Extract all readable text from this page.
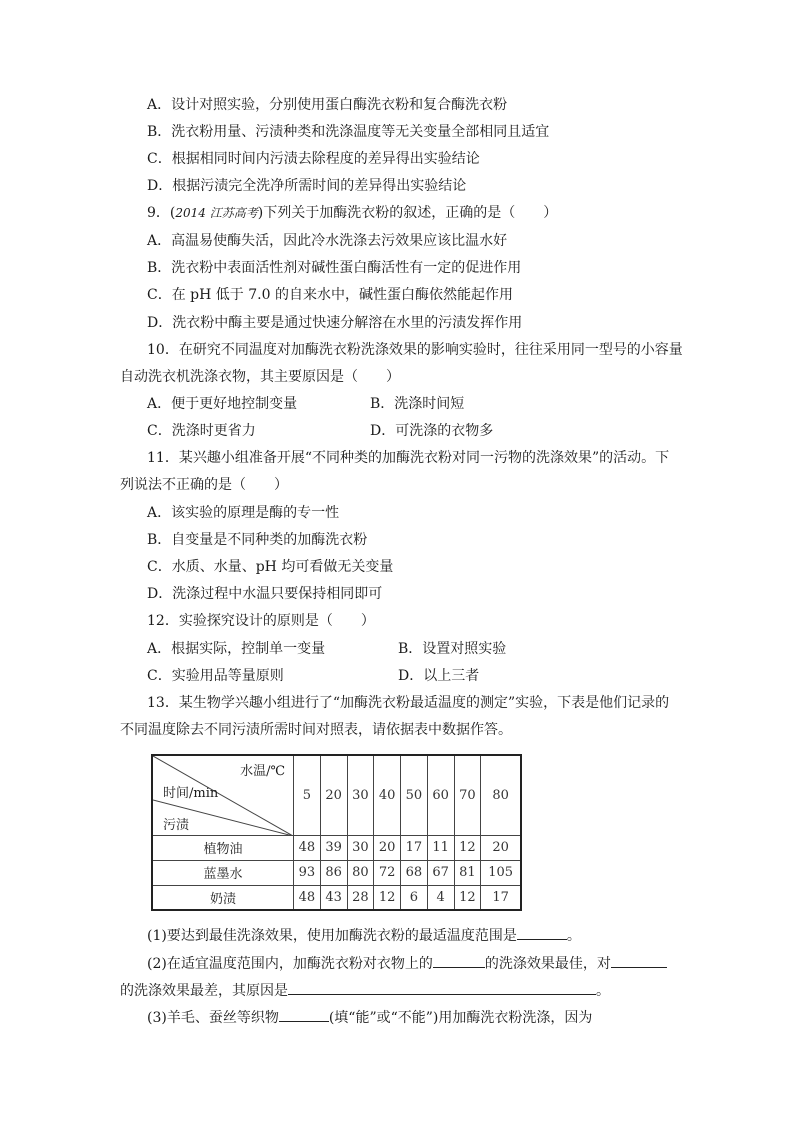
A．设计对照实验，分别使用蛋白酶洗衣粉和复合酶洗衣粉
B．洗衣粉用量、污渍种类和洗涤温度等无关变量全部相同且适宜
C．根据相同时间内污渍去除程度的差异得出实验结论
D．根据污渍完全洗净所需时间的差异得出实验结论
9．(2014 江苏高考)下列关于加酶洗衣粉的叙述，正确的是（　　）
A．高温易使酶失活，因此冷水洗涤去污效果应该比温水好
B．洗衣粉中表面活性剂对碱性蛋白酶活性有一定的促进作用
C．在 pH 低于 7.0 的自来水中，碱性蛋白酶依然能起作用
D．洗衣粉中酶主要是通过快速分解溶在水里的污渍发挥作用
10．在研究不同温度对加酶洗衣粉洗涤效果的影响实验时，往往采用同一型号的小容量
自动洗衣机洗涤衣物，其主要原因是（　　）
A．便于更好地控制变量	B．洗涤时间短
C．洗涤时更省力	D．可洗涤的衣物多
11．某兴趣小组准备开展“不同种类的加酶洗衣粉对同一污物的洗涤效果”的活动。下
列说法不正确的是（　　）
A．该实验的原理是酶的专一性
B．自变量是不同种类的加酶洗衣粉
C．水质、水量、pH 均可看做无关变量
D．洗涤过程中水温只要保持相同即可
12．实验探究设计的原则是（　　）
A．根据实际，控制单一变量	B．设置对照实验
C．实验用品等量原则	D．以上三者
13．某生物学兴趣小组进行了“加酶洗衣粉最适温度的测定”实验，下表是他们记录的
不同温度除去不同污渍所需时间对照表，请依据表中数据作答。
水温/℃
时间/min
污渍	5	20	30	40	50	60	70	80
植物油	48	39	30	20	17	11	12	20
蓝墨水	93	86	80	72	68	67	81	105
奶渍	48	43	28	12	6	4	12	17
(1)要达到最佳洗涤效果，使用加酶洗衣粉的最适温度范围是	。
(2)在适宜温度范围内，加酶洗衣粉对衣物上的	的洗涤效果最佳，对
的洗涤效果最差，其原因是	。
(3)羊毛、蚕丝等织物	(填“能”或“不能”)用加酶洗衣粉洗涤，因为
